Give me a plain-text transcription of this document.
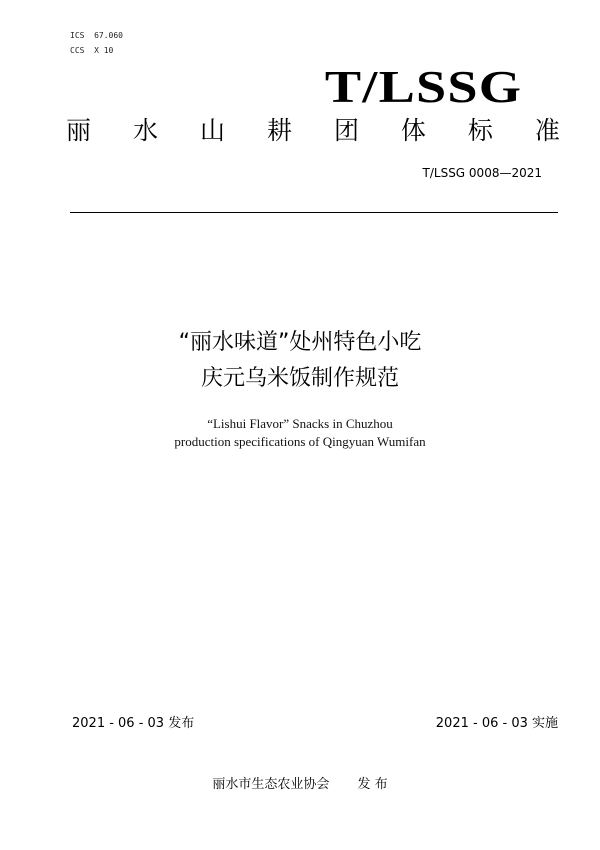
ICS  67.060
CCS  X 10
T/LSSG
丽 水 山 耕 团 体 标 准
T/LSSG 0008—2021
“丽水味道”处州特色小吃
庆元乌米饭制作规范
“Lishui Flavor” Snacks in Chuzhou
production specifications of Qingyuan Wumifan
2021 - 06 - 03 发布	2021 - 06 - 03 实施
丽水市生态农业协会 发 布
